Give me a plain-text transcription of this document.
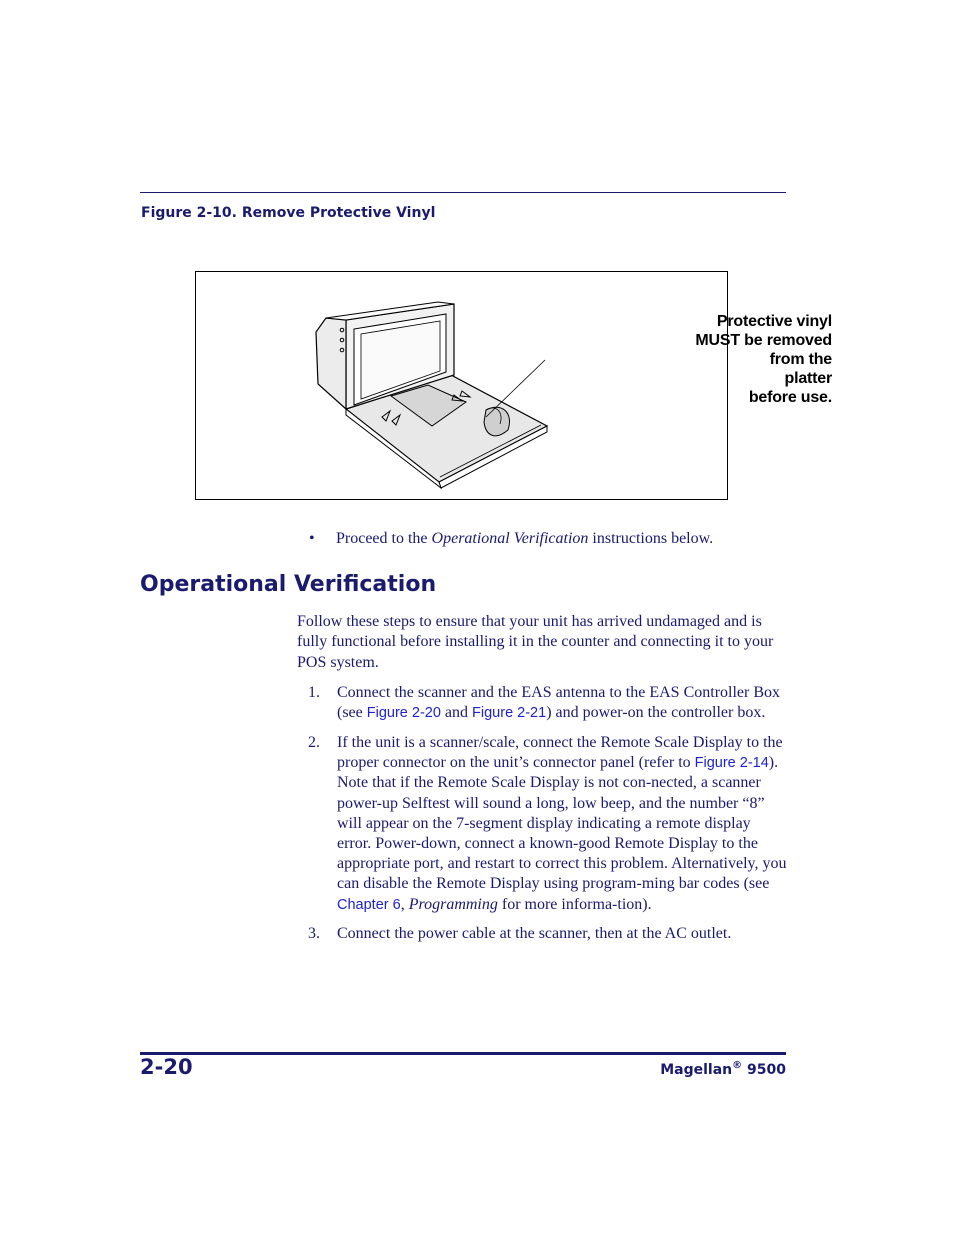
Figure 2-10. Remove Protective Vinyl
Protective vinyl
MUST be removed
from the
platter
before use.
• Proceed to the Operational Verification instructions below.
Operational Verification
Follow these steps to ensure that your unit has arrived undamaged and is fully functional before installing it in the counter and connecting it to your POS system.
1. Connect the scanner and the EAS antenna to the EAS Controller Box (see Figure 2-20 and Figure 2-21) and power-on the controller box.
2. If the unit is a scanner/scale, connect the Remote Scale Display to the proper connector on the unit’s connector panel (refer to Figure 2-14). Note that if the Remote Scale Display is not con-nected, a scanner power-up Selftest will sound a long, low beep, and the number “8” will appear on the 7-segment display indicating a remote display error. Power-down, connect a known-good Remote Display to the appropriate port, and restart to correct this problem. Alternatively, you can disable the Remote Display using program-ming bar codes (see Chapter 6, Programming for more informa-tion).
3. Connect the power cable at the scanner, then at the AC outlet.
2-20	Magellan® 9500
